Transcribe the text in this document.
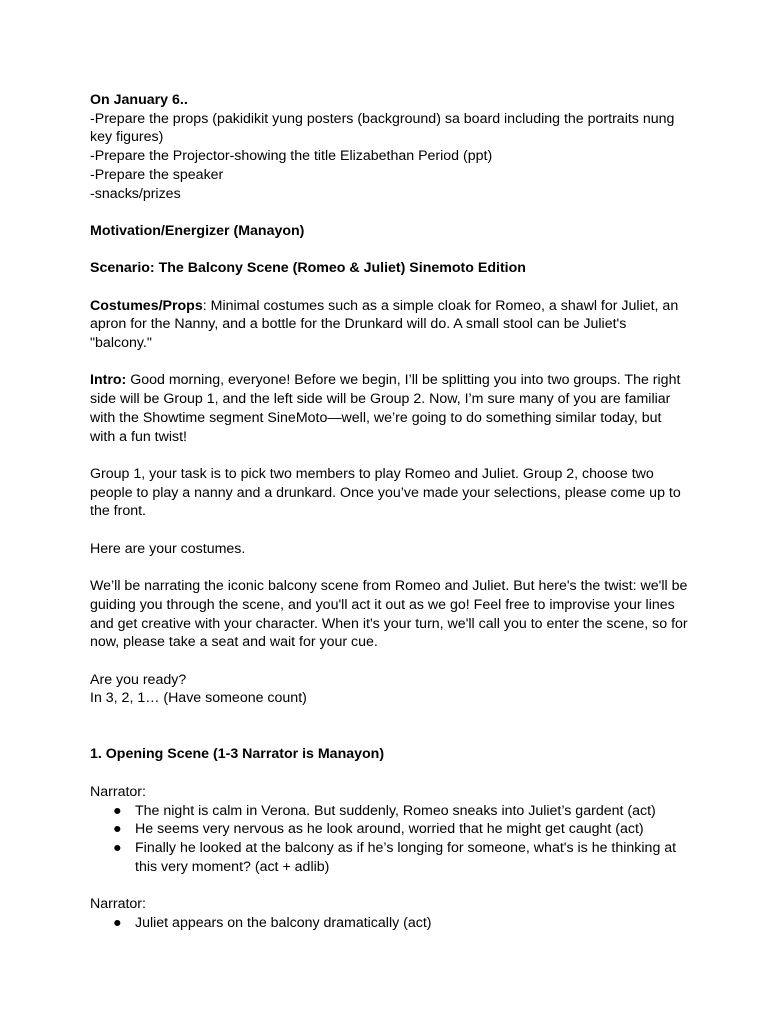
On January 6..

-Prepare the props (pakidikit yung posters (background) sa board including the portraits nung key figures)

-Prepare the Projector-showing the title Elizabethan Period (ppt)

-Prepare the speaker

-snacks/prizes

Motivation/Energizer (Manayon)

Scenario: The Balcony Scene (Romeo & Juliet) Sinemoto Edition

Costumes/Props: Minimal costumes such as a simple cloak for Romeo, a shawl for Juliet, an apron for the Nanny, and a bottle for the Drunkard will do. A small stool can be Juliet's "balcony."

Intro: Good morning, everyone! Before we begin, I’ll be splitting you into two groups. The right side will be Group 1, and the left side will be Group 2. Now, I’m sure many of you are familiar with the Showtime segment SineMoto—well, we’re going to do something similar today, but with a fun twist!

Group 1, your task is to pick two members to play Romeo and Juliet. Group 2, choose two people to play a nanny and a drunkard. Once you’ve made your selections, please come up to the front.

Here are your costumes.

We’ll be narrating the iconic balcony scene from Romeo and Juliet. But here's the twist: we'll be guiding you through the scene, and you'll act it out as we go! Feel free to improvise your lines and get creative with your character. When it's your turn, we'll call you to enter the scene, so for now, please take a seat and wait for your cue.

Are you ready?

In 3, 2, 1… (Have someone count)

1. Opening Scene (1-3 Narrator is Manayon)

Narrator:

● The night is calm in Verona. But suddenly, Romeo sneaks into Juliet’s gardent (act)
● He seems very nervous as he look around, worried that he might get caught (act)
● Finally he looked at the balcony as if he’s longing for someone, what's is he thinking at this very moment? (act + adlib)

Narrator:

● Juliet appears on the balcony dramatically (act)
